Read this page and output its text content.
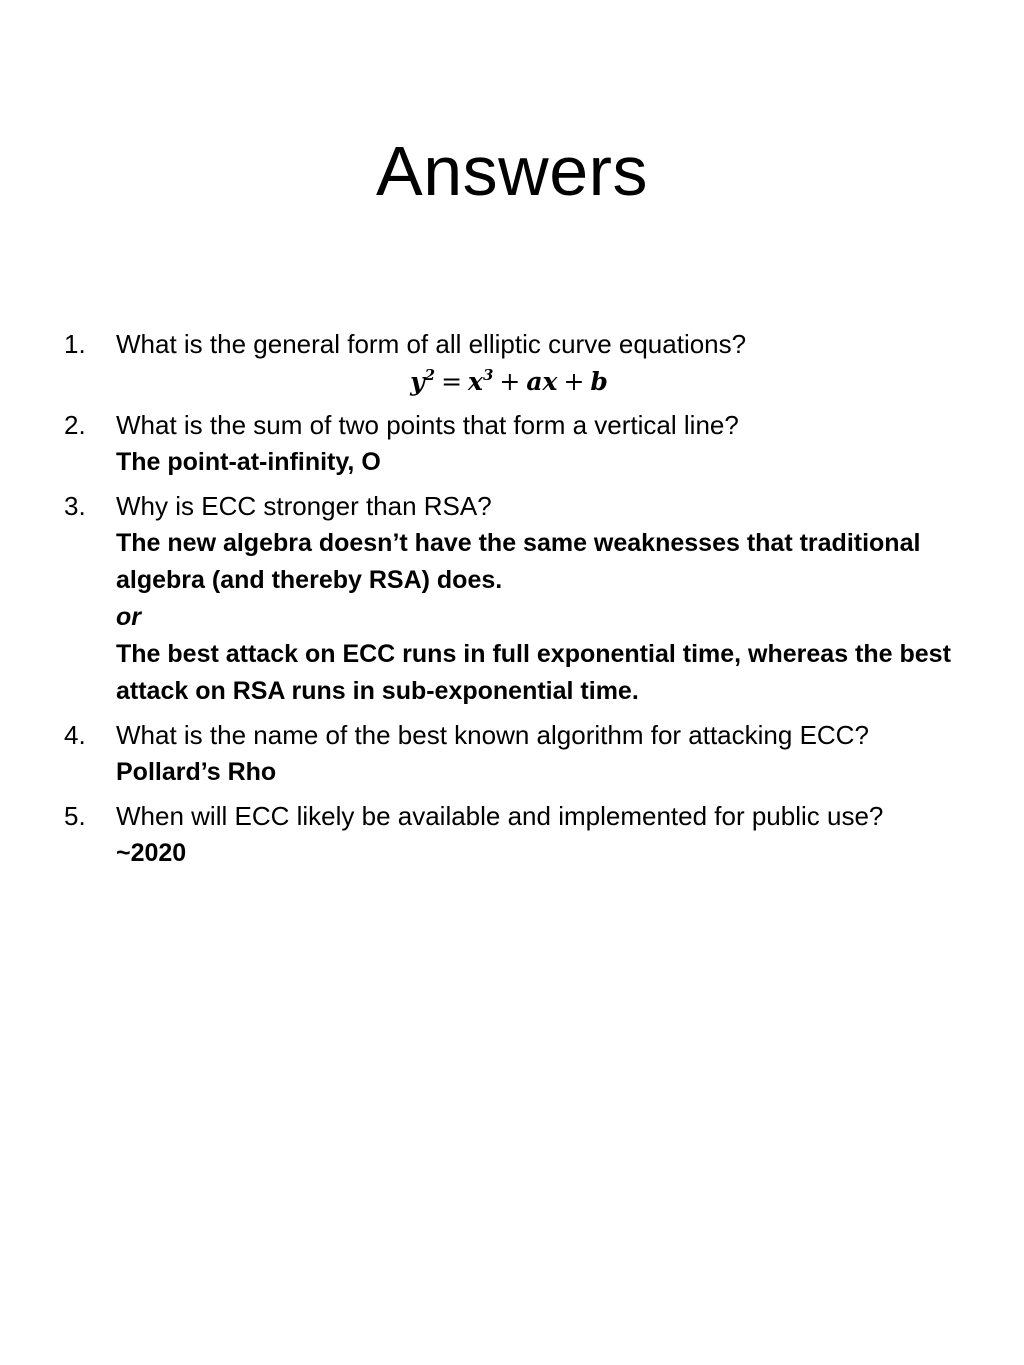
Answers
1.	What is the general form of all elliptic curve equations?
$y^2 = x^3$ + ax + b
2.	What is the sum of two points that form a vertical line?
The point-at-infinity, O
3.	Why is ECC stronger than RSA?
The new algebra doesn’t have the same weaknesses that traditional algebra (and thereby RSA) does.
or
The best attack on ECC runs in full exponential time, whereas the best attack on RSA runs in sub-exponential time.
4.	What is the name of the best known algorithm for attacking ECC?
Pollard’s Rho
5.	When will ECC likely be available and implemented for public use?
~2020
